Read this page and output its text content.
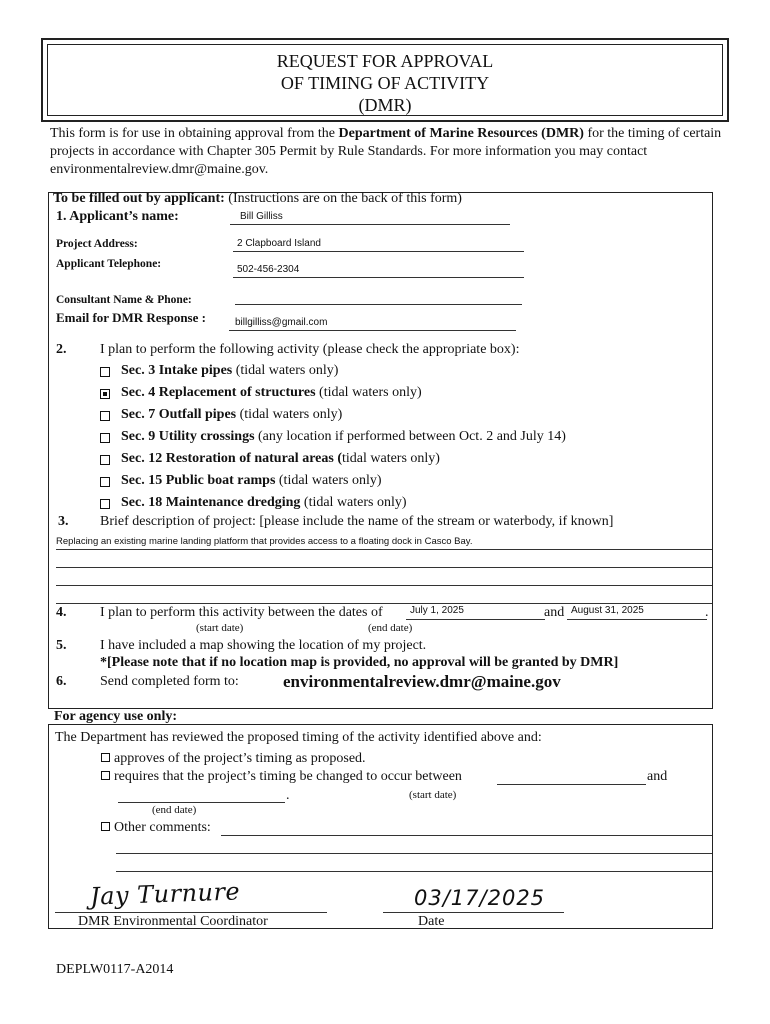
REQUEST FOR APPROVAL
OF TIMING OF ACTIVITY
(DMR)
This form is for use in obtaining approval from the Department of Marine Resources (DMR) for the timing of certain projects in accordance with Chapter 305 Permit by Rule Standards. For more information you may contact environmentalreview.dmr@maine.gov.
To be filled out by applicant: (Instructions are on the back of this form)
1. Applicant’s name:	Bill Gilliss
Project Address:	2 Clapboard Island
Applicant Telephone:	502-456-2304
Consultant Name & Phone:
Email for DMR Response :	billgilliss@gmail.com
2. I plan to perform the following activity (please check the appropriate box):
Sec. 3 Intake pipes (tidal waters only)
Sec. 4 Replacement of structures (tidal waters only)
Sec. 7 Outfall pipes (tidal waters only)
Sec. 9 Utility crossings (any location if performed between Oct. 2 and July 14)
Sec. 12 Restoration of natural areas (tidal waters only)
Sec. 15 Public boat ramps (tidal waters only)
Sec. 18 Maintenance dredging (tidal waters only)
3. Brief description of project: [please include the name of the stream or waterbody, if known]
Replacing an existing marine landing platform that provides access to a floating dock in Casco Bay.
4. I plan to perform this activity between the dates of	July 1, 2025	and August 31, 2025	.
(start date)	(end date)
5. I have included a map showing the location of my project.
*[Please note that if no location map is provided, no approval will be granted by DMR]
6. Send completed form to:	environmentalreview.dmr@maine.gov
For agency use only:
The Department has reviewed the proposed timing of the activity identified above and:
approves of the project’s timing as proposed.
requires that the project’s timing be changed to occur between	and
.	(start date)
(end date)
Other comments:
Jay Turnure
DMR Environmental Coordinator
03/17/2025
Date
DEPLW0117-A2014
